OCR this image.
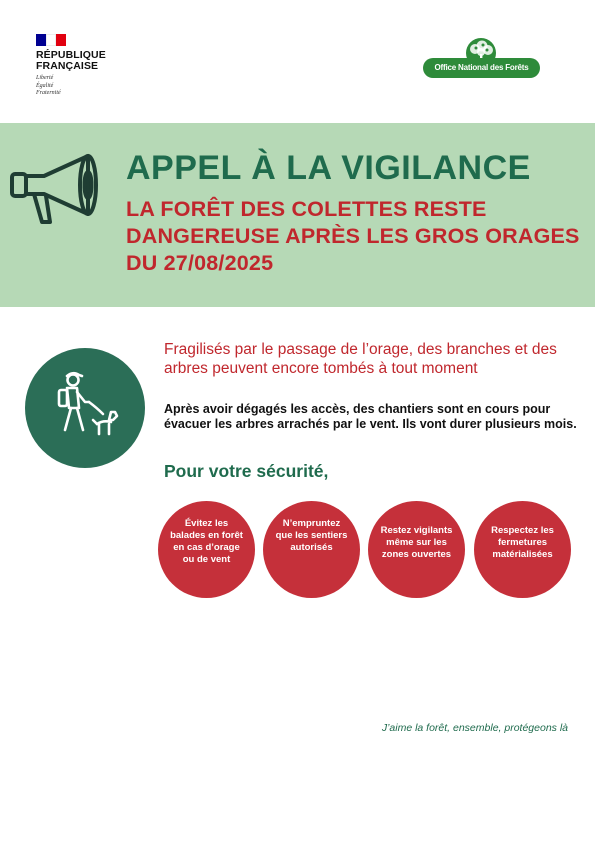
RÉPUBLIQUE
FRANÇAISE
Liberté
Égalité
Fraternité
Office National des Forêts
APPEL À LA VIGILANCE
LA FORÊT DES COLETTES RESTE DANGEREUSE APRÈS LES GROS ORAGES DU 27/08/2025
Fragilisés par le passage de l’orage, des branches et des arbres peuvent encore tombés à tout moment
Après avoir dégagés les accès, des chantiers sont en cours pour évacuer les arbres arrachés par le vent. Ils vont durer plusieurs mois.
Pour votre sécurité,
Évitez les balades en forêt en cas d’orage ou de vent
N’empruntez que les sentiers autorisés
Restez vigilants même sur les zones ouvertes
Respectez les fermetures matérialisées
J’aime la forêt, ensemble, protégeons là
